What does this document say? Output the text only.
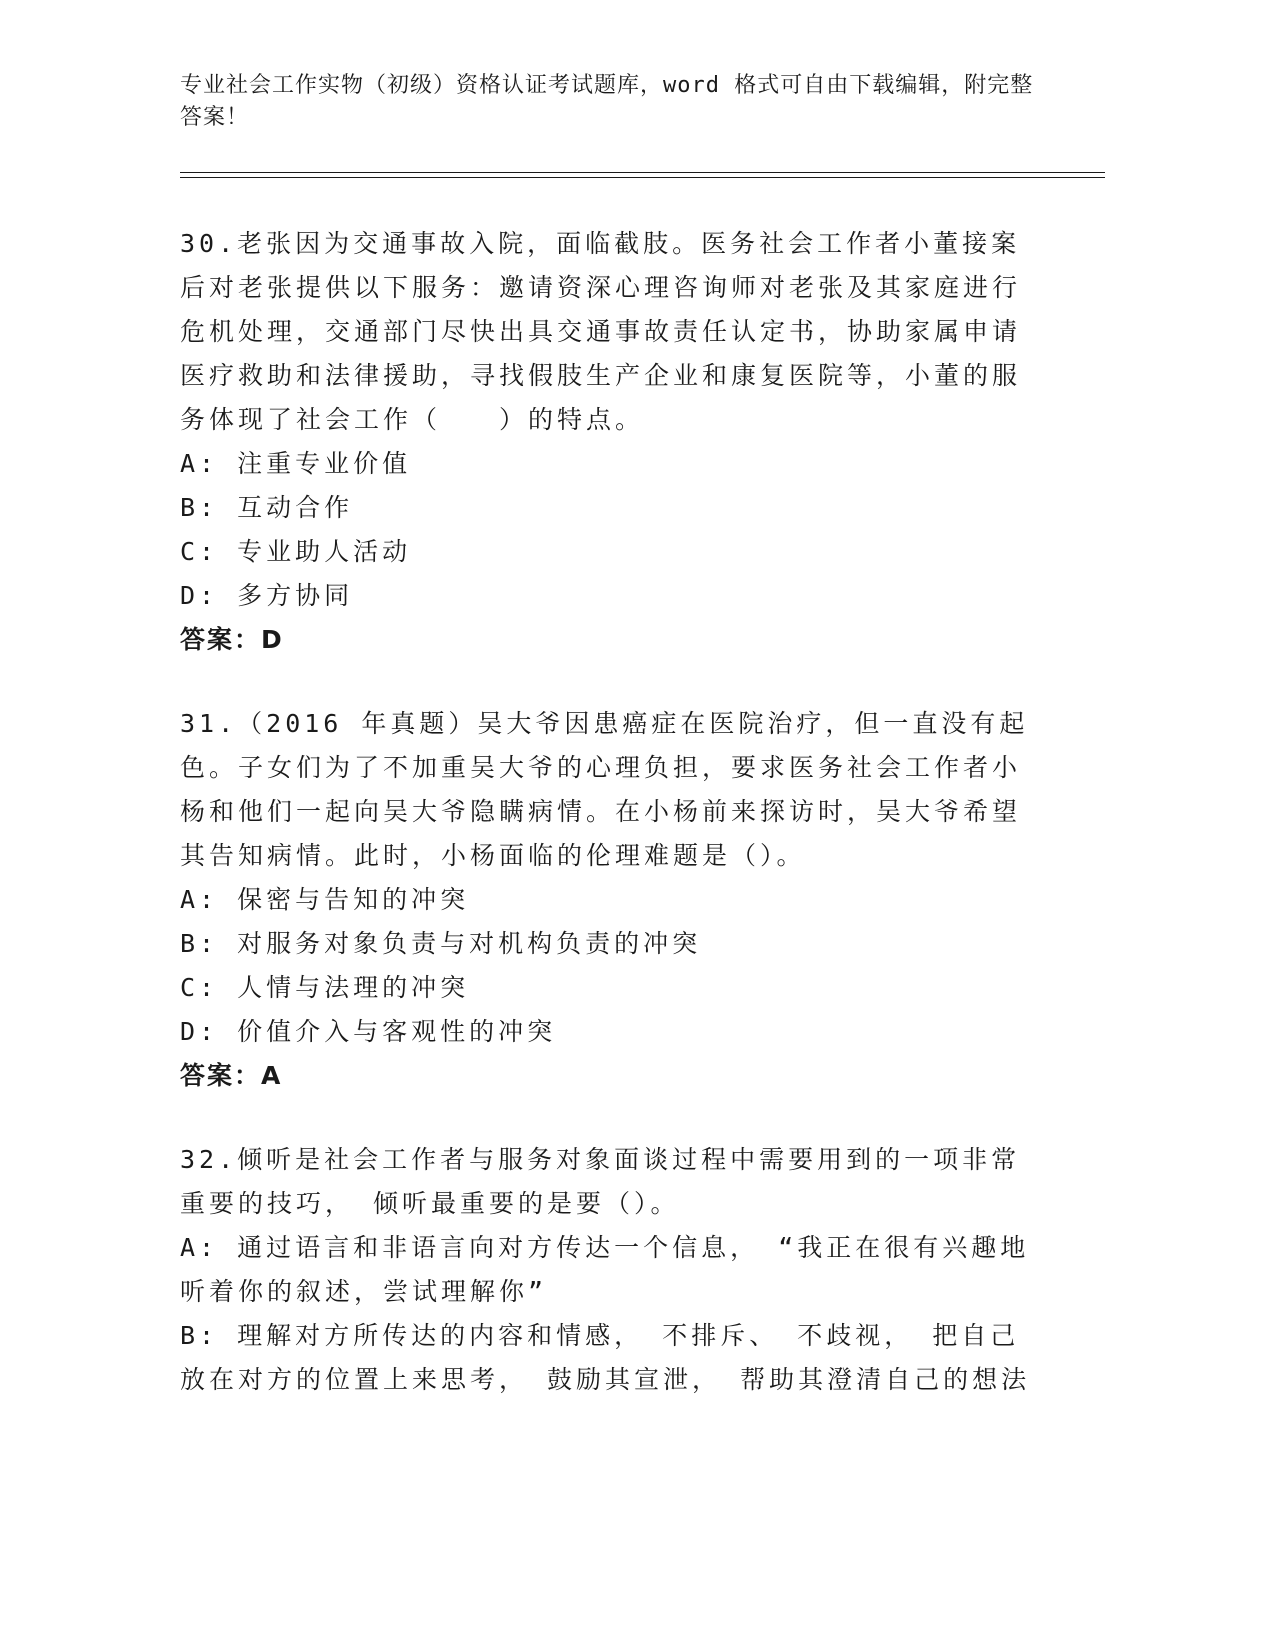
专业社会工作实物（初级）资格认证考试题库，word 格式可自由下载编辑，附完整答案！
30.老张因为交通事故入院，面临截肢。医务社会工作者小董接案后对老张提供以下服务：邀请资深心理咨询师对老张及其家庭进行危机处理，交通部门尽快出具交通事故责任认定书，协助家属申请医疗救助和法律援助，寻找假肢生产企业和康复医院等，小董的服务体现了社会工作（　　）的特点。
A: 注重专业价值
B: 互动合作
C: 专业助人活动
D: 多方协同
答案：D
31.（2016 年真题）吴大爷因患癌症在医院治疗，但一直没有起色。子女们为了不加重吴大爷的心理负担，要求医务社会工作者小杨和他们一起向吴大爷隐瞒病情。在小杨前来探访时，吴大爷希望其告知病情。此时，小杨面临的伦理难题是（）。
A: 保密与告知的冲突
B: 对服务对象负责与对机构负责的冲突
C: 人情与法理的冲突
D: 价值介入与客观性的冲突
答案：A
32.倾听是社会工作者与服务对象面谈过程中需要用到的一项非常重要的技巧， 倾听最重要的是要（）。
A: 通过语言和非语言向对方传达一个信息， “我正在很有兴趣地听着你的叙述，尝试理解你”
B: 理解对方所传达的内容和情感， 不排斥、 不歧视， 把自己放在对方的位置上来思考， 鼓励其宣泄， 帮助其澄清自己的想法
